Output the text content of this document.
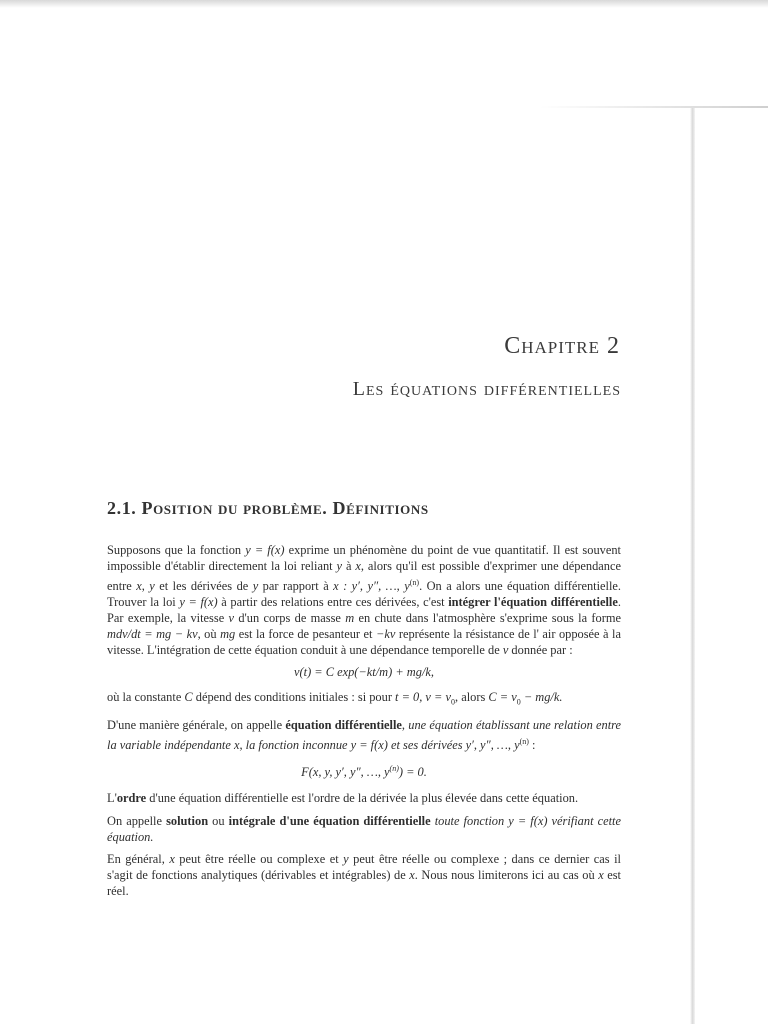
Chapitre 2
Les équations différentielles
2.1. Position du problème. Définitions

Supposons que la fonction y = f(x) exprime un phénomène du point de vue quantitatif. Il est souvent impossible d'établir directement la loi reliant y à x, alors qu'il est possible d'exprimer une dépendance entre x, y et les dérivées de y par rapport à x : y′, y″, …, $y^{(n)}$. On a alors une équation différentielle. Trouver la loi y = f(x) à partir des relations entre ces dérivées, c'est intégrer l'équation différentielle. Par exemple, la vitesse v d'un corps de masse m en chute dans l'atmosphère s'exprime sous la forme mdv/dt = mg − kv, où mg est la force de pesanteur et −kv représente la résistance de l' air opposée à la vitesse. L'intégration de cette équation conduit à une dépendance temporelle de v donnée par :

v(t) = C exp(−kt/m) + mg/k,

où la constante C dépend des conditions initiales : si pour t = 0, $v = v_0$, alors $C = v_0 - mg/k$.

D'une manière générale, on appelle équation différentielle, une équation établissant une relation entre la variable indépendante x, la fonction inconnue y = f(x) et ses dérivées y′, y″, …, $y^{(n)}$ :

F(x, y, y′, y″, …, $y^{(n)}) = 0$.

L'ordre d'une équation différentielle est l'ordre de la dérivée la plus élevée dans cette équation.

On appelle solution ou intégrale d'une équation différentielle toute fonction y = f(x) vérifiant cette équation.

En général, x peut être réelle ou complexe et y peut être réelle ou complexe ; dans ce dernier cas il s'agit de fonctions analytiques (dérivables et intégrables) de x. Nous nous limiterons ici au cas où x est réel.
